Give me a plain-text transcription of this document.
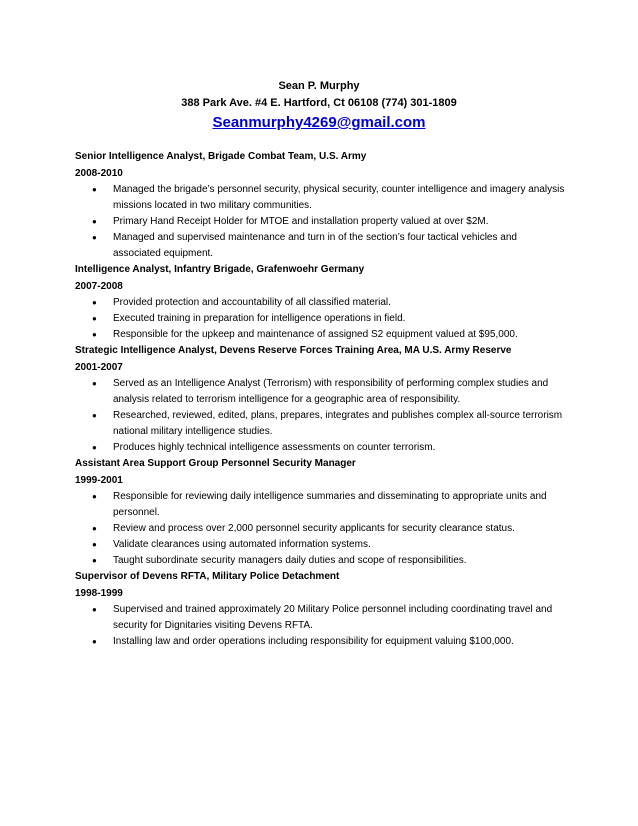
Sean P. Murphy
388 Park Ave. #4 E. Hartford, Ct 06108 (774) 301-1809
Seanmurphy4269@gmail.com
Senior Intelligence Analyst, Brigade Combat Team, U.S. Army
2008-2010
● Managed the brigade’s personnel security, physical security, counter intelligence and imagery analysis missions located in two military communities.
● Primary Hand Receipt Holder for MTOE and installation property valued at over $2M.
● Managed and supervised maintenance and turn in of the section’s four tactical vehicles and associated equipment.
Intelligence Analyst, Infantry Brigade, Grafenwoehr Germany
2007-2008
● Provided protection and accountability of all classified material.
● Executed training in preparation for intelligence operations in field.
● Responsible for the upkeep and maintenance of assigned S2 equipment valued at $95,000.
Strategic Intelligence Analyst, Devens Reserve Forces Training Area, MA U.S. Army Reserve
2001-2007
● Served as an Intelligence Analyst (Terrorism) with responsibility of performing complex studies and analysis related to terrorism intelligence for a geographic area of responsibility.
● Researched, reviewed, edited, plans, prepares, integrates and publishes complex all-source terrorism national military intelligence studies.
● Produces highly technical intelligence assessments on counter terrorism.
Assistant Area Support Group Personnel Security Manager
1999-2001
● Responsible for reviewing daily intelligence summaries and disseminating to appropriate units and personnel.
● Review and process over 2,000 personnel security applicants for security clearance status.
● Validate clearances using automated information systems.
● Taught subordinate security managers daily duties and scope of responsibilities.
Supervisor of Devens RFTA, Military Police Detachment
1998-1999
● Supervised and trained approximately 20 Military Police personnel including coordinating travel and security for Dignitaries visiting Devens RFTA.
● Installing law and order operations including responsibility for equipment valuing $100,000.
